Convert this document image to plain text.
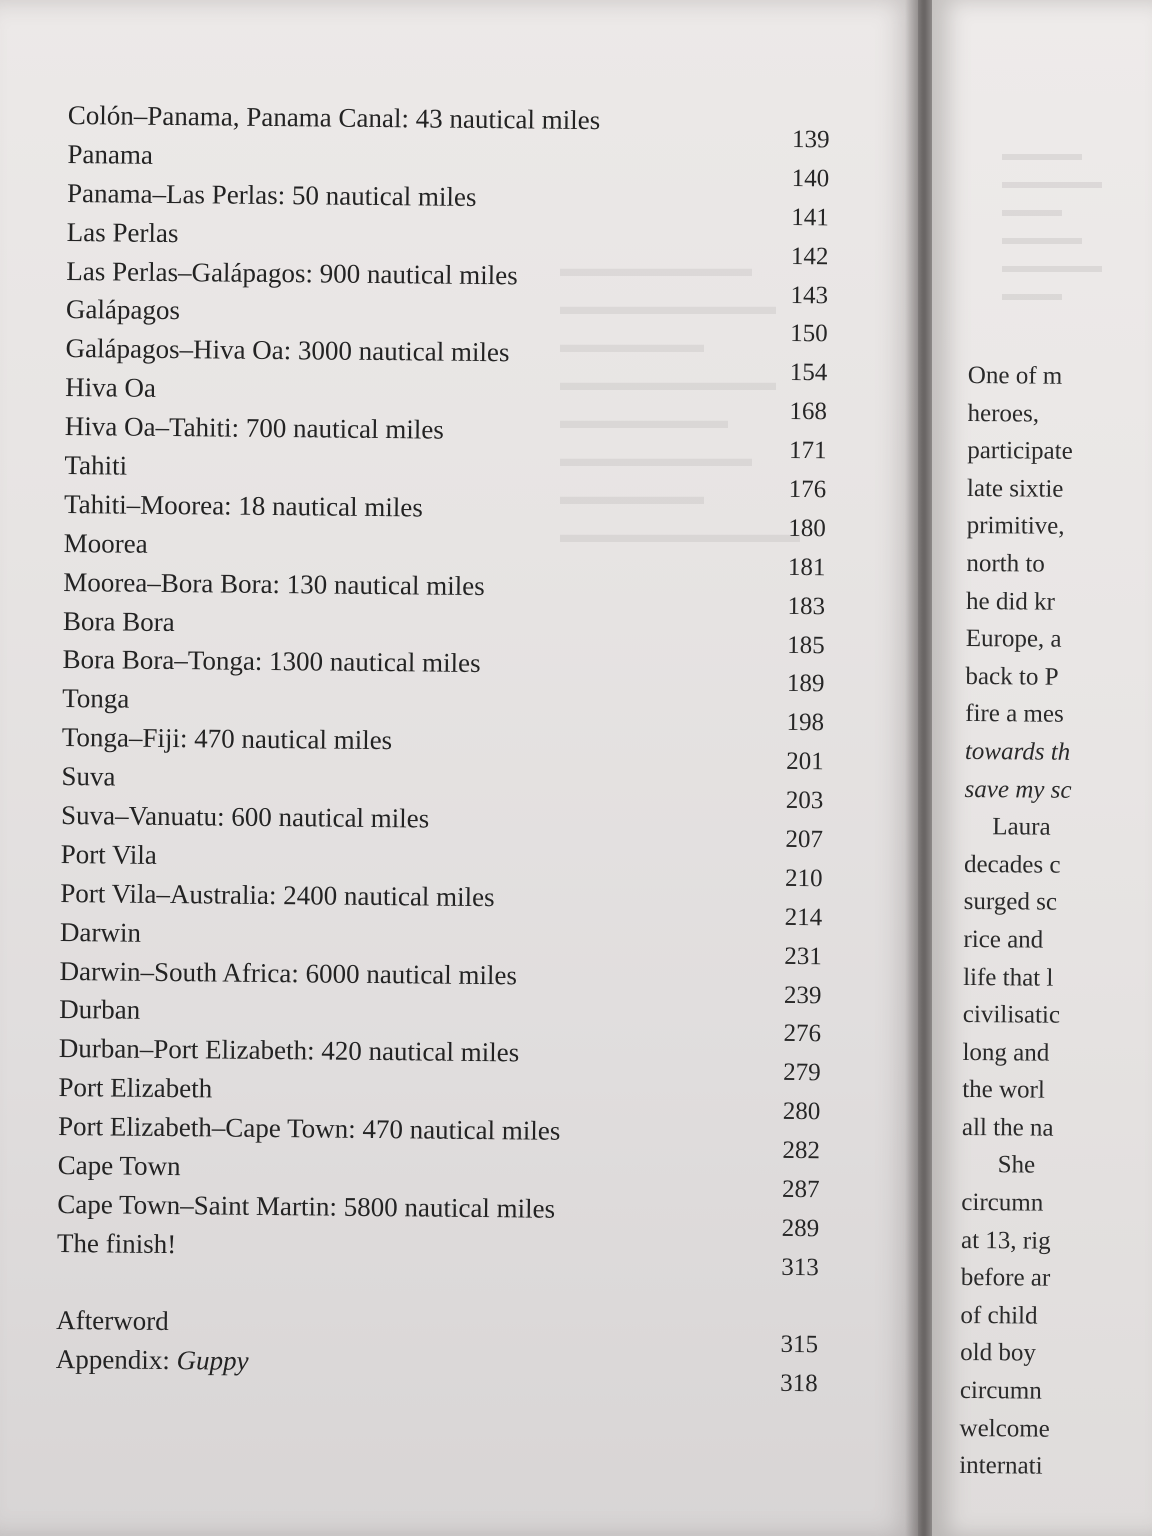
▬▬▬▬▬▬▬▬
▬▬▬▬▬▬▬▬▬
▬▬▬▬▬▬
▬▬▬▬▬▬▬▬▬
▬▬▬▬▬▬▬
▬▬▬▬▬▬▬▬
▬▬▬▬▬▬
▬▬▬▬▬▬▬▬▬▬
Colón–Panama, Panama Canal: 43 nautical miles
139
Panama
140
Panama–Las Perlas: 50 nautical miles
141
Las Perlas
142
Las Perlas–Galápagos: 900 nautical miles
143
Galápagos
150
Galápagos–Hiva Oa: 3000 nautical miles
154
Hiva Oa
168
Hiva Oa–Tahiti: 700 nautical miles
171
Tahiti
176
Tahiti–Moorea: 18 nautical miles
180
Moorea
181
Moorea–Bora Bora: 130 nautical miles
183
Bora Bora
185
Bora Bora–Tonga: 1300 nautical miles
189
Tonga
198
Tonga–Fiji: 470 nautical miles
201
Suva
203
Suva–Vanuatu: 600 nautical miles
207
Port Vila
210
Port Vila–Australia: 2400 nautical miles
214
Darwin
231
Darwin–South Africa: 6000 nautical miles
239
Durban
276
Durban–Port Elizabeth: 420 nautical miles
279
Port Elizabeth
280
Port Elizabeth–Cape Town: 470 nautical miles
282
Cape Town
287
Cape Town–Saint Martin: 5800 nautical miles
289
The finish!
313
Afterword
315
Appendix: Guppy
318
▬▬▬▬
▬▬▬▬▬
▬▬▬
▬▬▬▬
▬▬▬▬▬
▬▬▬
One of m
heroes,
participate
late sixtie
primitive,
north to
he did kr
Europe, a
back to P
fire a mes
towards th
save my sc
Laura
decades c
surged sc
rice and
life that l
civilisatic
long and
the worl
all the na
She
circumn
at 13, rig
before ar
of child
old boy
circumn
welcome
internati
